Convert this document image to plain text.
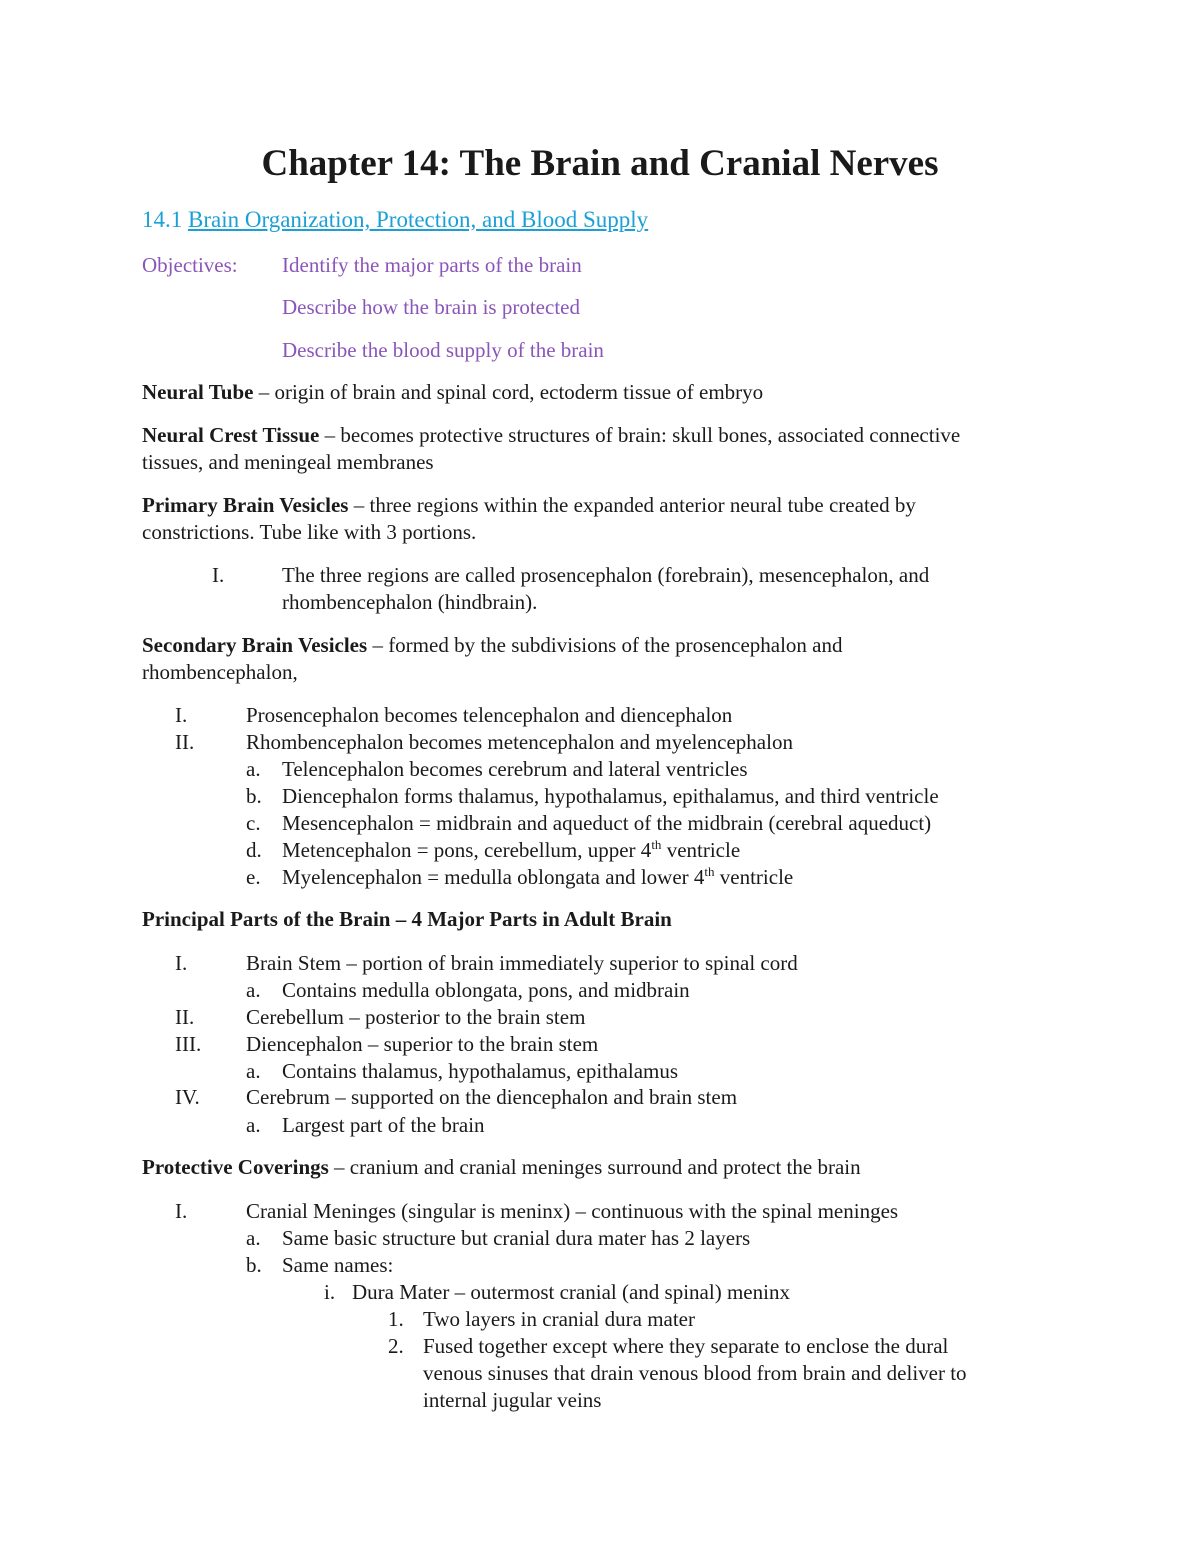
Chapter 14: The Brain and Cranial Nerves
14.1 Brain Organization, Protection, and Blood Supply
Objectives: Identify the major parts of the brain
Describe how the brain is protected
Describe the blood supply of the brain
Neural Tube – origin of brain and spinal cord, ectoderm tissue of embryo
Neural Crest Tissue – becomes protective structures of brain: skull bones, associated connective
tissues, and meningeal membranes
Primary Brain Vesicles – three regions within the expanded anterior neural tube created by
constrictions. Tube like with 3 portions.
I.	The three regions are called prosencephalon (forebrain), mesencephalon, and
rhombencephalon (hindbrain).
Secondary Brain Vesicles – formed by the subdivisions of the prosencephalon and
rhombencephalon,
I.	Prosencephalon becomes telencephalon and diencephalon
II. Rhombencephalon becomes metencephalon and myelencephalon
a. Telencephalon becomes cerebrum and lateral ventricles
b. Diencephalon forms thalamus, hypothalamus, epithalamus, and third ventricle
c. Mesencephalon = midbrain and aqueduct of the midbrain (cerebral aqueduct)
d. Metencephalon = pons, cerebellum, upper 4th ventricle
e. Myelencephalon = medulla oblongata and lower 4th ventricle
Principal Parts of the Brain – 4 Major Parts in Adult Brain
I.	Brain Stem – portion of brain immediately superior to spinal cord
a. Contains medulla oblongata, pons, and midbrain
II. Cerebellum – posterior to the brain stem
III. Diencephalon – superior to the brain stem
a. Contains thalamus, hypothalamus, epithalamus
IV. Cerebrum – supported on the diencephalon and brain stem
a. Largest part of the brain
Protective Coverings – cranium and cranial meninges surround and protect the brain
I.	Cranial Meninges (singular is meninx) – continuous with the spinal meninges
a. Same basic structure but cranial dura mater has 2 layers
b. Same names:
i. Dura Mater – outermost cranial (and spinal) meninx
1. Two layers in cranial dura mater
2. Fused together except where they separate to enclose the dural
venous sinuses that drain venous blood from brain and deliver to
internal jugular veins
